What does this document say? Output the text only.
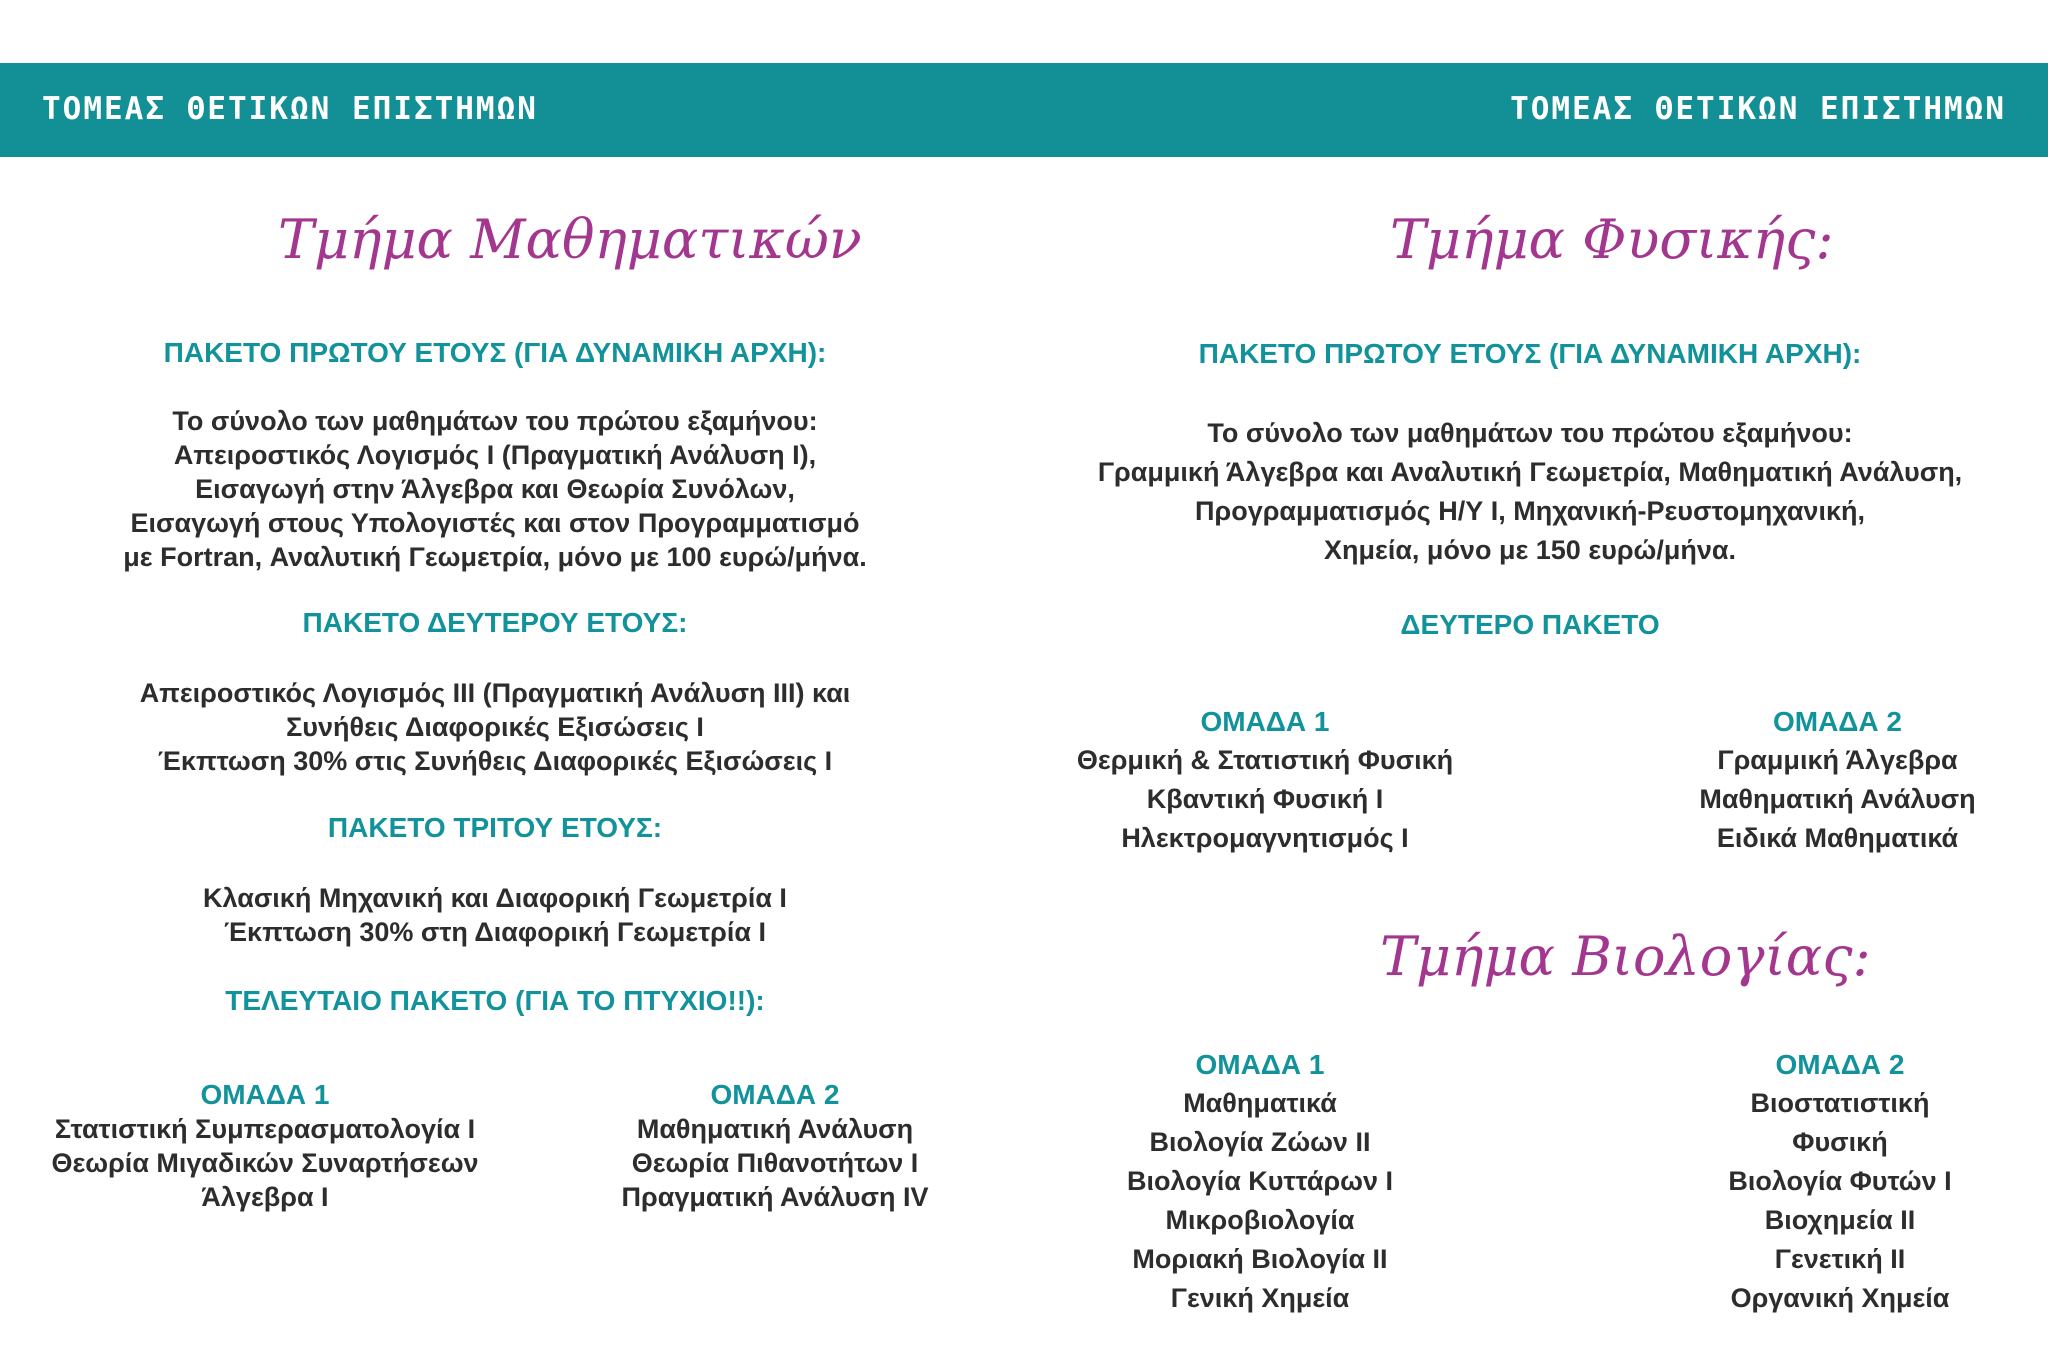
ΤΟΜΕΑΣ ΘΕΤΙΚΩΝ ΕΠΙΣΤΗΜΩΝ	ΤΟΜΕΑΣ ΘΕΤΙΚΩΝ ΕΠΙΣΤΗΜΩΝ
Τμήμα Μαθηματικών
ΠΑΚΕΤΟ ΠΡΩΤΟΥ ΕΤΟΥΣ (ΓΙΑ ΔΥΝΑΜΙΚΗ ΑΡΧΗ):
Το σύνολο των μαθημάτων του πρώτου εξαμήνου:
Απειροστικός Λογισμός Ι (Πραγματική Ανάλυση Ι),
Εισαγωγή στην Άλγεβρα και Θεωρία Συνόλων,
Εισαγωγή στους Υπολογιστές και στον Προγραμματισμό
με Fortran, Αναλυτική Γεωμετρία, μόνο με 100 ευρώ/μήνα.
ΠΑΚΕΤΟ ΔΕΥΤΕΡΟΥ ΕΤΟΥΣ:
Απειροστικός Λογισμός ΙΙΙ (Πραγματική Ανάλυση ΙΙΙ) και
Συνήθεις Διαφορικές Εξισώσεις Ι
Έκπτωση 30% στις Συνήθεις Διαφορικές Εξισώσεις Ι
ΠΑΚΕΤΟ ΤΡΙΤΟΥ ΕΤΟΥΣ:
Κλασική Μηχανική και Διαφορική Γεωμετρία Ι
Έκπτωση 30% στη Διαφορική Γεωμετρία Ι
ΤΕΛΕΥΤΑΙΟ ΠΑΚΕΤΟ (ΓΙΑ ΤΟ ΠΤΥΧΙΟ!!):
ΟΜΑΔΑ 1
Στατιστική Συμπερασματολογία Ι
Θεωρία Μιγαδικών Συναρτήσεων
Άλγεβρα Ι
ΟΜΑΔΑ 2
Μαθηματική Ανάλυση
Θεωρία Πιθανοτήτων Ι
Πραγματική Ανάλυση ΙV
Τμήμα Φυσικής:
ΠΑΚΕΤΟ ΠΡΩΤΟΥ ΕΤΟΥΣ (ΓΙΑ ΔΥΝΑΜΙΚΗ ΑΡΧΗ):
Το σύνολο των μαθημάτων του πρώτου εξαμήνου:
Γραμμική Άλγεβρα και Αναλυτική Γεωμετρία, Μαθηματική Ανάλυση,
Προγραμματισμός Η/Υ Ι, Μηχανική-Ρευστομηχανική,
Χημεία, μόνο με 150 ευρώ/μήνα.
ΔΕΥΤΕΡΟ ΠΑΚΕΤΟ
ΟΜΑΔΑ 1
Θερμική & Στατιστική Φυσική
Κβαντική Φυσική Ι
Ηλεκτρομαγνητισμός Ι
ΟΜΑΔΑ 2
Γραμμική Άλγεβρα
Μαθηματική Ανάλυση
Ειδικά Μαθηματικά
Τμήμα Βιολογίας:
ΟΜΑΔΑ 1
Μαθηματικά
Βιολογία Ζώων ΙΙ
Βιολογία Κυττάρων Ι
Μικροβιολογία
Μοριακή Βιολογία ΙΙ
Γενική Χημεία
ΟΜΑΔΑ 2
Βιοστατιστική
Φυσική
Βιολογία Φυτών Ι
Βιοχημεία ΙΙ
Γενετική ΙΙ
Οργανική Χημεία
